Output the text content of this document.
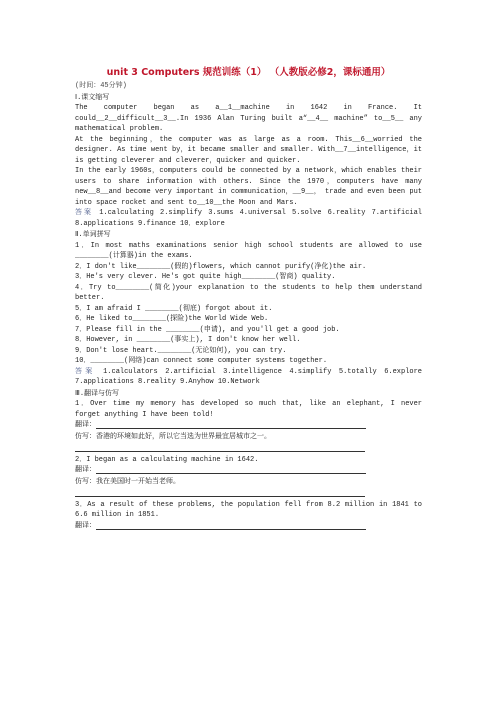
unit 3 Computers 规范训练（1） （人教版必修2，课标通用）
(时间：45分钟)
Ⅰ.课文缩写

The computer began as a__1__machine in 1642 in France. It could__2__difficult__3__.In 1936 Alan Turing built a“__4__ machine” to__5__ any mathematical problem.

At the beginning，the computer was as large as a room. This__6__worried the designer. As time went by，it became smaller and smaller. With__7__intelligence，it is getting cleverer and cleverer，quicker and quicker.

In the early 1960s，computers could be connected by a network，which enables their users to share information with others. Since the 1970，computers have many new__8__and become very important in communication，__9__， trade and even been put into space rocket and sent to__10__the Moon and Mars.

答案 1.calculating 2.simplify 3.sums 4.universal 5.solve 6.reality 7.artificial 8.applications 9.finance 10．explore

Ⅱ.单词拼写

1．In most maths examinations senior high school students are allowed to use ________(计算器)in the exams.

2．I don't like________(假的)flowers, which cannot purify(净化)the air.

3．He's very clever. He's got quite high________(智商) quality.

4．Try to________(简化)your explanation to the students to help them understand better.

5．I am afraid I ________(彻底) forgot about it.

6．He liked to________(探险)the World Wide Web.

7．Please fill in the ________(申请), and you'll get a good job.

8．However, in ________(事实上), I don't know her well.

9．Don't lose heart.________(无论如何), you can try.

10．________(网络)can connect some computer systems together.

答案 1.calculators 2.artificial 3.intelligence 4.simplify 5.totally 6.explore 7.applications 8.reality 9.Anyhow 10.Network

Ⅲ.翻译与仿写

1．Over time my memory has developed so much that, like an elephant, I never forget anything I have been told!

翻译：

仿写：香港的环境如此好，所以它当选为世界最宜居城市之一。

2．I began as a calculating machine in 1642.

翻译：

仿写：我在美国时一开始当老师。

3．As a result of these problems, the population fell from 8.2 million in 1841 to 6.6 million in 1851.

翻译：
